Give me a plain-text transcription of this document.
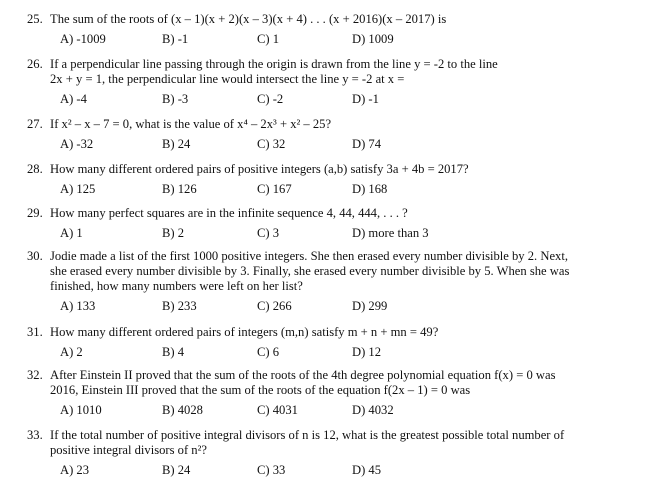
25. The sum of the roots of (x – 1)(x + 2)(x – 3)(x + 4) . . . (x + 2016)(x – 2017) is
A) -1009	B) -1	C) 1	D) 1009
26. If a perpendicular line passing through the origin is drawn from the line y = -2 to the line
2x + y = 1, the perpendicular line would intersect the line y = -2 at x =
A) -4	B) -3	C) -2	D) -1
27. If x² – x – 7 = 0, what is the value of x⁴ – 2x³ + x² – 25?
A) -32	B) 24	C) 32	D) 74
28. How many different ordered pairs of positive integers (a,b) satisfy 3a + 4b = 2017?
A) 125	B) 126	C) 167	D) 168
29. How many perfect squares are in the infinite sequence 4, 44, 444, . . . ?
A) 1	B) 2	C) 3	D) more than 3
30. Jodie made a list of the first 1000 positive integers. She then erased every number divisible by 2. Next,
she erased every number divisible by 3. Finally, she erased every number divisible by 5. When she was
finished, how many numbers were left on her list?
A) 133	B) 233	C) 266	D) 299
31. How many different ordered pairs of integers (m,n) satisfy m + n + mn = 49?
A) 2	B) 4	C) 6	D) 12
32. After Einstein II proved that the sum of the roots of the 4th degree polynomial equation f(x) = 0 was
2016, Einstein III proved that the sum of the roots of the equation f(2x – 1) = 0 was
A) 1010	B) 4028	C) 4031	D) 4032
33. If the total number of positive integral divisors of n is 12, what is the greatest possible total number of
positive integral divisors of n²?
A) 23	B) 24	C) 33	D) 45
